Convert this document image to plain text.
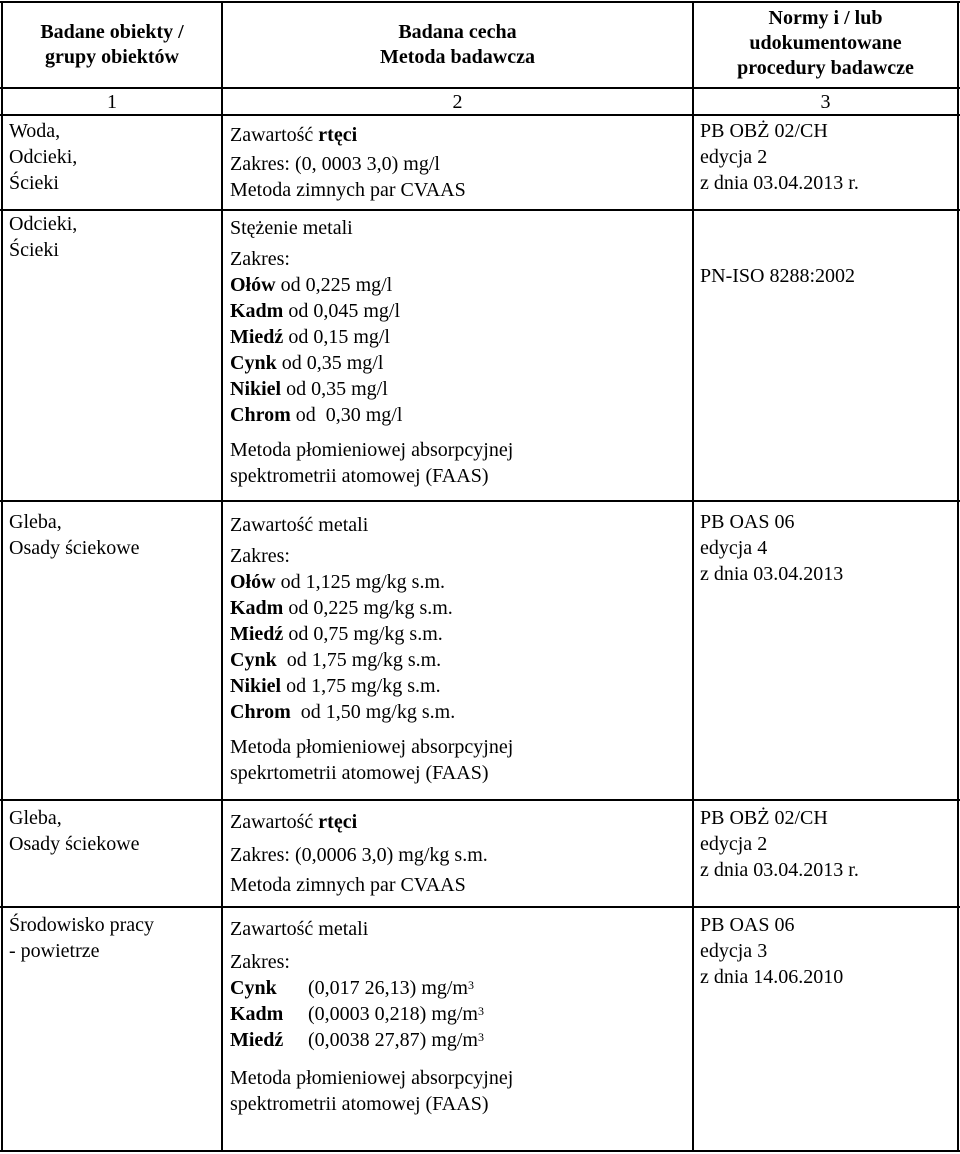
Badane obiekty /
grupy obiektów
Badana cecha
Metoda badawcza
Normy i / lub
udokumentowane
procedury badawcze
1	2	3
Woda,
Odcieki,
Ścieki
Zawartość rtęci
Zakres: (0, 0003 3,0) mg/l
Metoda zimnych par CVAAS
PB OBŻ 02/CH
edycja 2
z dnia 03.04.2013 r.
Odcieki,
Ścieki
Stężenie metali
Zakres:
Ołów od 0,225 mg/l
Kadm od 0,045 mg/l
Miedź od 0,15 mg/l
Cynk od 0,35 mg/l
Nikiel od 0,35 mg/l
Chrom od  0,30 mg/l
Metoda płomieniowej absorpcyjnej
spektrometrii atomowej (FAAS)
PN-ISO 8288:2002
Gleba,
Osady ściekowe
Zawartość metali
Zakres:
Ołów od 1,125 mg/kg s.m.
Kadm od 0,225 mg/kg s.m.
Miedź od 0,75 mg/kg s.m.
Cynk  od 1,75 mg/kg s.m.
Nikiel od 1,75 mg/kg s.m.
Chrom  od 1,50 mg/kg s.m.
Metoda płomieniowej absorpcyjnej
spekrtometrii atomowej (FAAS)
PB OAS 06
edycja 4
z dnia 03.04.2013
Gleba,
Osady ściekowe
Zawartość rtęci
Zakres: (0,0006 3,0) mg/kg s.m.
Metoda zimnych par CVAAS
PB OBŻ 02/CH
edycja 2
z dnia 03.04.2013 r.
Środowisko pracy
- powietrze
Zawartość metali
Zakres:
Cynk (0,017 26,13) $mg/m^3$
Kadm (0,0003 0,218) $mg/m^3$
Miedź (0,0038 27,87) $mg/m^3$
Metoda płomieniowej absorpcyjnej
spektrometrii atomowej (FAAS)
PB OAS 06
edycja 3
z dnia 14.06.2010
